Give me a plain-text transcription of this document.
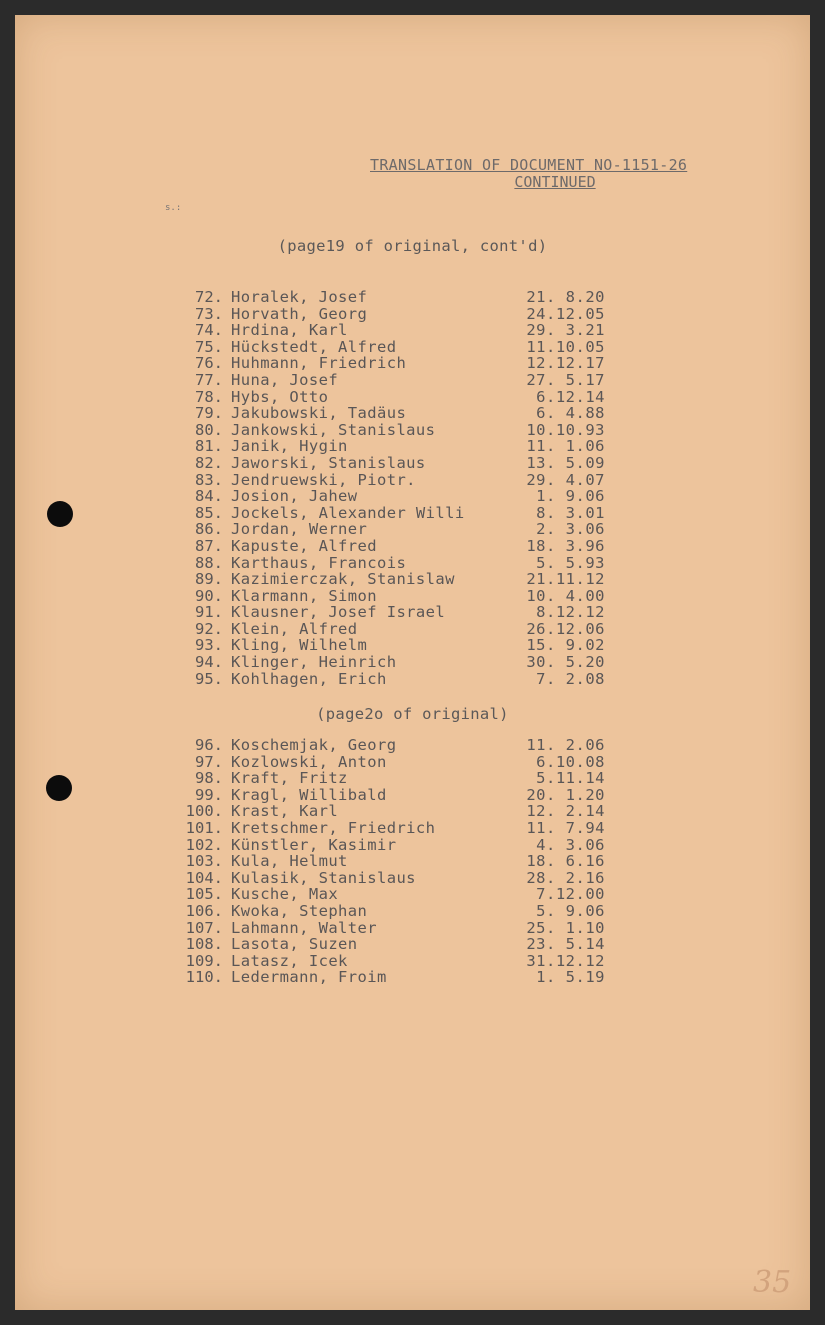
TRANSLATION OF DOCUMENT NO-1151-26
CONTINUED
s.:
(page19 of original, cont'd)
72. Horalek, Josef	21. 8.20
73. Horvath, Georg	24.12.05
74. Hrdina, Karl	29. 3.21
75. Hückstedt, Alfred	11.10.05
76. Huhmann, Friedrich	12.12.17
77. Huna, Josef	27. 5.17
78. Hybs, Otto	6.12.14
79. Jakubowski, Tadäus	6. 4.88
80. Jankowski, Stanislaus	10.10.93
81. Janik, Hygin	11. 1.06
82. Jaworski, Stanislaus	13. 5.09
83. Jendruewski, Piotr.	29. 4.07
84. Josion, Jahew	1. 9.06
85. Jockels, Alexander Willi	8. 3.01
86. Jordan, Werner	2. 3.06
87. Kapuste, Alfred	18. 3.96
88. Karthaus, Francois	5. 5.93
89. Kazimierczak, Stanislaw	21.11.12
90. Klarmann, Simon	10. 4.00
91. Klausner, Josef Israel	8.12.12
92. Klein, Alfred	26.12.06
93. Kling, Wilhelm	15. 9.02
94. Klinger, Heinrich	30. 5.20
95. Kohlhagen, Erich	7. 2.08
(page2o of original)
96. Koschemjak, Georg	11. 2.06
97. Kozlowski, Anton	6.10.08
98. Kraft, Fritz	5.11.14
99. Kragl, Willibald	20. 1.20
100. Krast, Karl	12. 2.14
101. Kretschmer, Friedrich	11. 7.94
102. Künstler, Kasimir	4. 3.06
103. Kula, Helmut	18. 6.16
104. Kulasik, Stanislaus	28. 2.16
105. Kusche, Max	7.12.00
106. Kwoka, Stephan	5. 9.06
107. Lahmann, Walter	25. 1.10
108. Lasota, Suzen	23. 5.14
109. Latasz, Icek	31.12.12
110. Ledermann, Froim	1. 5.19
35
